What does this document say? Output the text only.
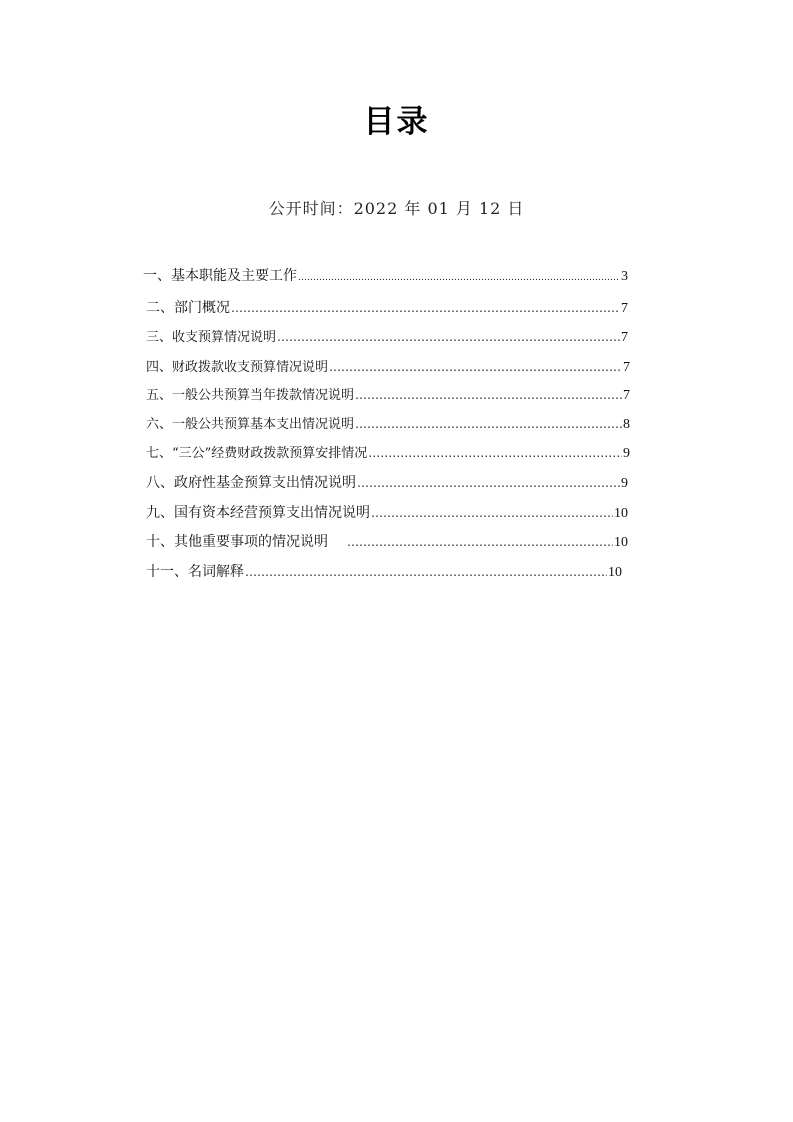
目录
公开时间：2022 年 01 月 12 日
一、基本职能及主要工作 ……………………………………………………………………………………………………………………………………………………………………	3
二、部门概况 ……………………………………………………………………………………………………………………………………………………………………	7
三、收支预算情况说明 ……………………………………………………………………………………………………………………………………………………………………	7
四、财政拨款收支预算情况说明 ……………………………………………………………………………………………………………………………………………………………………	7
五、一般公共预算当年拨款情况说明 ……………………………………………………………………………………………………………………………………………………………………	7
六、一般公共预算基本支出情况说明 ……………………………………………………………………………………………………………………………………………………………………	8
七、“三公”经费财政拨款预算安排情况 ……………………………………………………………………………………………………………………………………………………………………	9
八、政府性基金预算支出情况说明 ……………………………………………………………………………………………………………………………………………………………………	9
九、国有资本经营预算支出情况说明 ……………………………………………………………………………………………………………………………………………………………………	10
十、其他重要事项的情况说明 ……………………………………………………………………………………………………………………………………………………………………	10
十一、名词解释 ……………………………………………………………………………………………………………………………………………………………………	10
